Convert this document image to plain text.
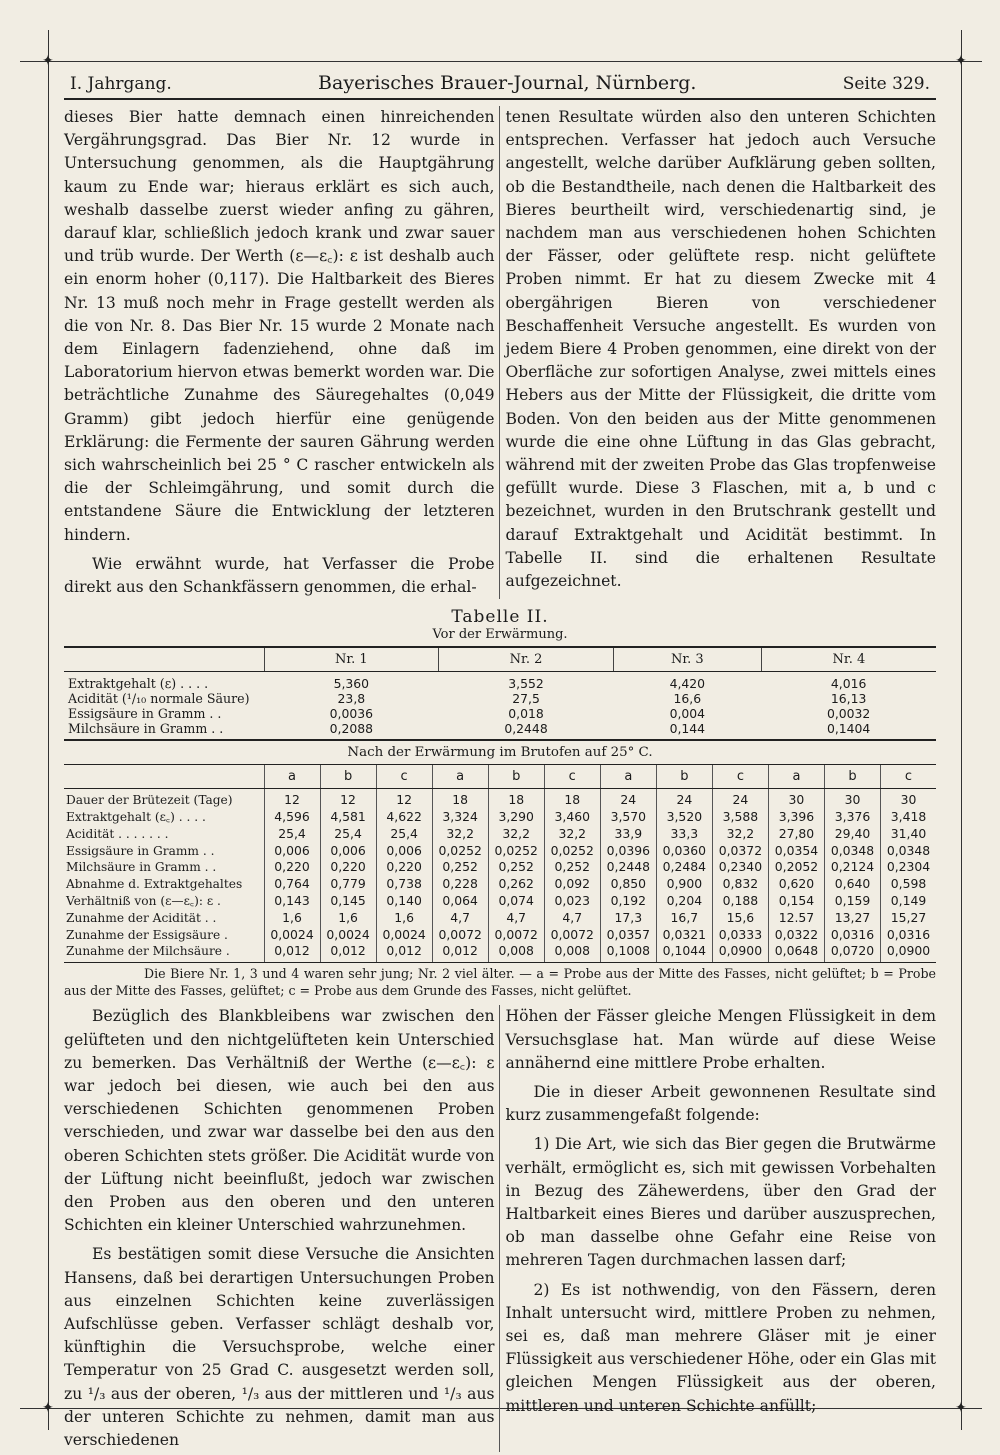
✦	✦
✦	✦
I. Jahrgang.	Bayerisches Brauer-Journal, Nürnberg.	Seite 329.

dieses Bier hatte demnach einen hinreichenden Vergährungsgrad. Das Bier Nr. 12 wurde in Untersuchung genommen, als die Hauptgährung kaum zu Ende war; hieraus erklärt es sich auch, weshalb dasselbe zuerst wieder anfing zu gähren, darauf klar, schließlich jedoch krank und zwar sauer und trüb wurde. Der Werth (ε—ε꜀): ε ist deshalb auch ein enorm hoher (0,117). Die Haltbarkeit des Bieres Nr. 13 muß noch mehr in Frage gestellt werden als die von Nr. 8. Das Bier Nr. 15 wurde 2 Monate nach dem Einlagern fadenziehend, ohne daß im Laboratorium hiervon etwas bemerkt worden war. Die beträchtliche Zunahme des Säuregehaltes (0,049 Gramm) gibt jedoch hierfür eine genügende Erklärung: die Fermente der sauren Gährung werden sich wahrscheinlich bei 25 ° C rascher entwickeln als die der Schleimgährung, und somit durch die entstandene Säure die Entwicklung der letzteren hindern.

Wie erwähnt wurde, hat Verfasser die Probe direkt aus den Schankfässern genommen, die erhal-

tenen Resultate würden also den unteren Schichten entsprechen. Verfasser hat jedoch auch Versuche angestellt, welche darüber Aufklärung geben sollten, ob die Bestandtheile, nach denen die Haltbarkeit des Bieres beurtheilt wird, verschiedenartig sind, je nachdem man aus verschiedenen hohen Schichten der Fässer, oder gelüftete resp. nicht gelüftete Proben nimmt. Er hat zu diesem Zwecke mit 4 obergährigen Bieren von verschiedener Beschaffenheit Versuche angestellt. Es wurden von jedem Biere 4 Proben genommen, eine direkt von der Oberfläche zur sofortigen Analyse, zwei mittels eines Hebers aus der Mitte der Flüssigkeit, die dritte vom Boden. Von den beiden aus der Mitte genommenen wurde die eine ohne Lüftung in das Glas gebracht, während mit der zweiten Probe das Glas tropfenweise gefüllt wurde. Diese 3 Flaschen, mit a, b und c bezeichnet, wurden in den Brutschrank gestellt und darauf Extraktgehalt und Acidität bestimmt. In Tabelle II. sind die erhaltenen Resultate aufgezeichnet.

Tabelle II.
Vor der Erwärmung.
	Nr. 1	Nr. 2	Nr. 3	Nr. 4
Extraktgehalt (ε) . . . .	5,360	3,552	4,420	4,016
Acidität (¹/₁₀ normale Säure)	23,8	27,5	16,6	16,13
Essigsäure in Gramm . .	0,0036	0,018	0,004	0,0032
Milchsäure in Gramm . .	0,2088	0,2448	0,144	0,1404
Nach der Erwärmung im Brutofen auf 25° C.
	a	b	c	a	b	c	a	b	c	a	b	c
Dauer der Brütezeit (Tage)	12	12	12	18	18	18	24	24	24	30	30	30
Extraktgehalt (ε꜀) . . . .	4,596	4,581	4,622	3,324	3,290	3,460	3,570	3,520	3,588	3,396	3,376	3,418
Acidität . . . . . . .	25,4	25,4	25,4	32,2	32,2	32,2	33,9	33,3	32,2	27,80	29,40	31,40
Essigsäure in Gramm . .	0,006	0,006	0,006	0,0252	0,0252	0,0252	0,0396	0,0360	0,0372	0,0354	0,0348	0,0348
Milchsäure in Gramm . .	0,220	0,220	0,220	0,252	0,252	0,252	0,2448	0,2484	0,2340	0,2052	0,2124	0,2304
Abnahme d. Extraktgehaltes	0,764	0,779	0,738	0,228	0,262	0,092	0,850	0,900	0,832	0,620	0,640	0,598
Verhältniß von (ε—ε꜀): ε .	0,143	0,145	0,140	0,064	0,074	0,023	0,192	0,204	0,188	0,154	0,159	0,149
Zunahme der Acidität . .	1,6	1,6	1,6	4,7	4,7	4,7	17,3	16,7	15,6	12.57	13,27	15,27
Zunahme der Essigsäure .	0,0024	0,0024	0,0024	0,0072	0,0072	0,0072	0,0357	0,0321	0,0333	0,0322	0,0316	0,0316
Zunahme der Milchsäure .	0,012	0,012	0,012	0,012	0,008	0,008	0,1008	0,1044	0,0900	0,0648	0,0720	0,0900
Die Biere Nr. 1, 3 und 4 waren sehr jung; Nr. 2 viel älter. — a = Probe aus der Mitte des Fasses, nicht gelüftet; b = Probe aus der Mitte des Fasses, gelüftet; c = Probe aus dem Grunde des Fasses, nicht gelüftet.

Bezüglich des Blankbleibens war zwischen den gelüfteten und den nichtgelüfteten kein Unterschied zu bemerken. Das Verhältniß der Werthe (ε—ε꜀): ε war jedoch bei diesen, wie auch bei den aus verschiedenen Schichten genommenen Proben verschieden, und zwar war dasselbe bei den aus den oberen Schichten stets größer. Die Acidität wurde von der Lüftung nicht beeinflußt, jedoch war zwischen den Proben aus den oberen und den unteren Schichten ein kleiner Unterschied wahrzunehmen.

Es bestätigen somit diese Versuche die Ansichten Hansens, daß bei derartigen Untersuchungen Proben aus einzelnen Schichten keine zuverlässigen Aufschlüsse geben. Verfasser schlägt deshalb vor, künftighin die Versuchsprobe, welche einer Temperatur von 25 Grad C. ausgesetzt werden soll, zu ¹/₃ aus der oberen, ¹/₃ aus der mittleren und ¹/₃ aus der unteren Schichte zu nehmen, damit man aus verschiedenen

Höhen der Fässer gleiche Mengen Flüssigkeit in dem Versuchsglase hat. Man würde auf diese Weise annähernd eine mittlere Probe erhalten.

Die in dieser Arbeit gewonnenen Resultate sind kurz zusammengefaßt folgende:

1) Die Art, wie sich das Bier gegen die Brutwärme verhält, ermöglicht es, sich mit gewissen Vorbehalten in Bezug des Zähewerdens, über den Grad der Haltbarkeit eines Bieres und darüber auszusprechen, ob man dasselbe ohne Gefahr eine Reise von mehreren Tagen durchmachen lassen darf;

2) Es ist nothwendig, von den Fässern, deren Inhalt untersucht wird, mittlere Proben zu nehmen, sei es, daß man mehrere Gläser mit je einer Flüssigkeit aus verschiedener Höhe, oder ein Glas mit gleichen Mengen Flüssigkeit aus der oberen, mittleren und unteren Schichte anfüllt;
